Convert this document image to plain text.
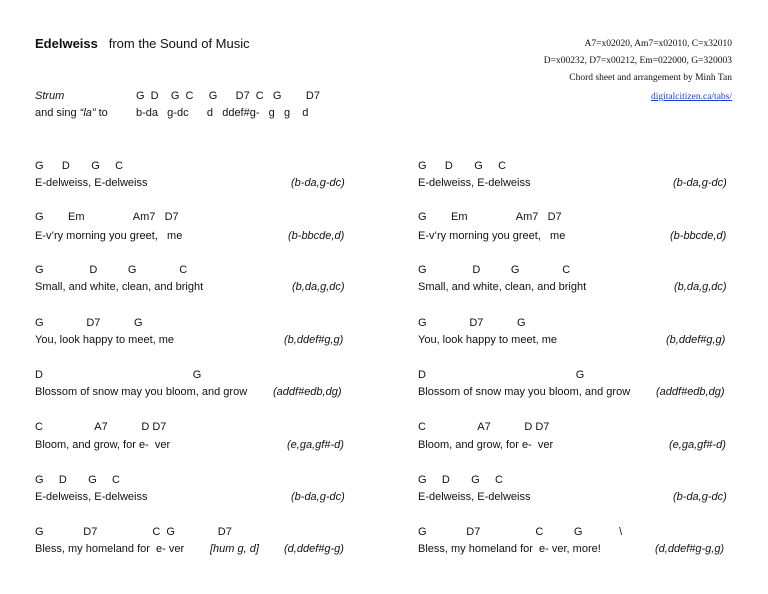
Edelweiss from the Sound of Music	A7=x02020, Am7=x02010, C=x32010
D=x00232, D7=x00212, Em=022000, G=320003
Chord sheet and arrangement by Minh Tan
digitalcitizen.ca/tabs/
Strum	G  D    G  C     G      D7  C   G        D7
and sing “la” to	b-da   g-dc      d   ddef#g-   g   g    d
G      D       G     C
E-delweiss, E-delweiss	(b-da,g-dc)
G        Em                Am7   D7
E-v’ry morning you greet,   me	(b-bbcde,d)
G               D          G              C
Small, and white, clean, and bright	(b,da,g,dc)
G              D7           G
You, look happy to meet, me	(b,ddef#g,g)
D                                                 G
Blossom of snow may you bloom, and grow (addf#edb,dg)
C                 A7           D D7
Bloom, and grow, for e-  ver	(e,ga,gf#-d)
G     D       G     C
E-delweiss, E-delweiss	(b-da,g-dc)
G             D7                  C  G              D7
Bless, my homeland for  e- ver [hum g, d] (d,ddef#g-g)
G      D       G     C
E-delweiss, E-delweiss	(b-da,g-dc)
G        Em                Am7   D7
E-v’ry morning you greet,   me	(b-bbcde,d)
G               D          G              C
Small, and white, clean, and bright	(b,da,g,dc)
G              D7           G
You, look happy to meet, me	(b,ddef#g,g)
D                                                 G
Blossom of snow may you bloom, and grow (addf#edb,dg)
C                 A7           D D7
Bloom, and grow, for e-  ver	(e,ga,gf#-d)
G     D       G     C
E-delweiss, E-delweiss	(b-da,g-dc)
G             D7                  C          G            \
Bless, my homeland for  e- ver, more!	(d,ddef#g-g,g)
